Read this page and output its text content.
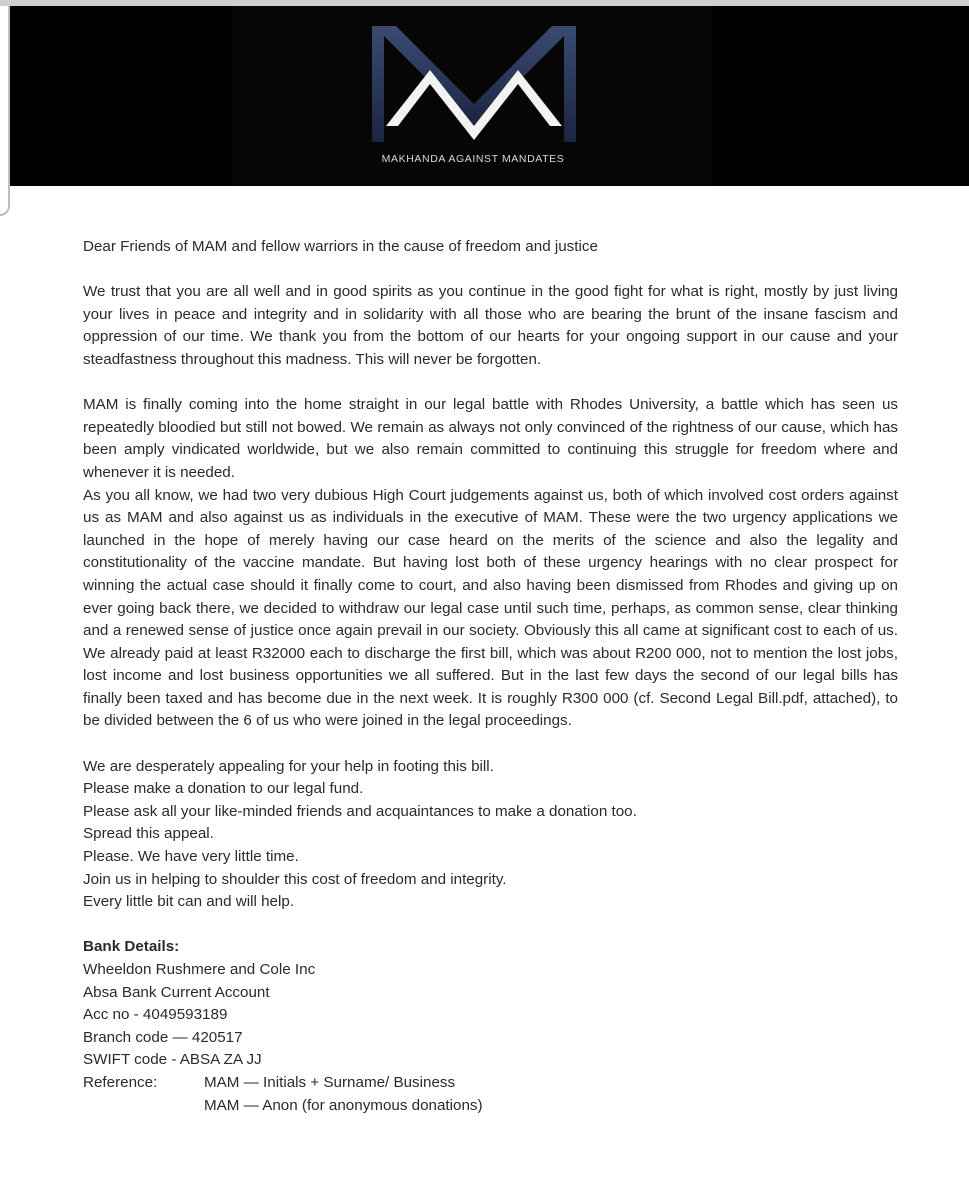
MAKHANDA AGAINST MANDATES

Dear Friends of MAM and fellow warriors in the cause of freedom and justice

We trust that you are all well and in good spirits as you continue in the good fight for what is right, mostly by just living your lives in peace and integrity and in solidarity with all those who are bearing the brunt of the insane fascism and oppression of our time. We thank you from the bottom of our hearts for your ongoing support in our cause and your steadfastness throughout this madness. This will never be forgotten.

MAM is finally coming into the home straight in our legal battle with Rhodes University, a battle which has seen us repeatedly bloodied but still not bowed. We remain as always not only convinced of the rightness of our cause, which has been amply vindicated worldwide, but we also remain committed to continuing this struggle for freedom where and whenever it is needed.

As you all know, we had two very dubious High Court judgements against us, both of which involved cost orders against us as MAM and also against us as individuals in the executive of MAM. These were the two urgency applications we launched in the hope of merely having our case heard on the merits of the science and also the legality and constitutionality of the vaccine mandate. But having lost both of these urgency hearings with no clear prospect for winning the actual case should it finally come to court, and also having been dismissed from Rhodes and giving up on ever going back there, we decided to withdraw our legal case until such time, perhaps, as common sense, clear thinking and a renewed sense of justice once again prevail in our society. Obviously this all came at significant cost to each of us. We already paid at least R32000 each to discharge the first bill, which was about R200 000, not to mention the lost jobs, lost income and lost business opportunities we all suffered. But in the last few days the second of our legal bills has finally been taxed and has become due in the next week. It is roughly R300 000 (cf. Second Legal Bill.pdf, attached), to be divided between the 6 of us who were joined in the legal proceedings.

We are desperately appealing for your help in footing this bill.

Please make a donation to our legal fund.

Please ask all your like-minded friends and acquaintances to make a donation too.

Spread this appeal.

Please. We have very little time.

Join us in helping to shoulder this cost of freedom and integrity.

Every little bit can and will help.

Bank Details:

Wheeldon Rushmere and Cole Inc

Absa Bank Current Account

Acc no - 4049593189

Branch code — 420517

SWIFT code - ABSA ZA JJ

Reference:	MAM — Initials + Surname/ Business

MAM — Anon (for anonymous donations)
